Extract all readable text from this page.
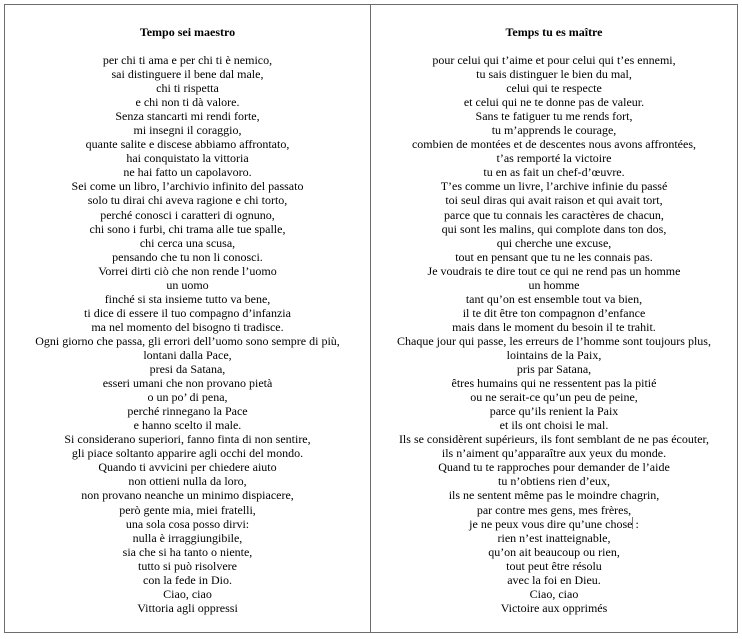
Tempo sei maestro
per chi ti ama e per chi ti è nemico,
sai distinguere il bene dal male,
chi ti rispetta
e chi non ti dà valore.
Senza stancarti mi rendi forte,
mi insegni il coraggio,
quante salite e discese abbiamo affrontato,
hai conquistato la vittoria
ne hai fatto un capolavoro.
Sei come un libro, l’archivio infinito del passato
solo tu dirai chi aveva ragione e chi torto,
perché conosci i caratteri di ognuno,
chi sono i furbi, chi trama alle tue spalle,
chi cerca una scusa,
pensando che tu non li conosci.
Vorrei dirti ciò che non rende l’uomo
un uomo
finché si sta insieme tutto va bene,
ti dice di essere il tuo compagno d’infanzia
ma nel momento del bisogno ti tradisce.
Ogni giorno che passa, gli errori dell’uomo sono sempre di più,
lontani dalla Pace,
presi da Satana,
esseri umani che non provano pietà
o un po’ di pena,
perché rinnegano la Pace
e hanno scelto il male.
Si considerano superiori, fanno finta di non sentire,
gli piace soltanto apparire agli occhi del mondo.
Quando ti avvicini per chiedere aiuto
non ottieni nulla da loro,
non provano neanche un minimo dispiacere,
però gente mia, miei fratelli,
una sola cosa posso dirvi:
nulla è irraggiungibile,
sia che si ha tanto o niente,
tutto si può risolvere
con la fede in Dio.
Ciao, ciao
Vittoria agli oppressi
Temps tu es maître
pour celui qui t’aime et pour celui qui t’es ennemi,
tu sais distinguer le bien du mal,
celui qui te respecte
et celui qui ne te donne pas de valeur.
Sans te fatiguer tu me rends fort,
tu m’apprends le courage,
combien de montées et de descentes nous avons affrontées,
t’as remporté la victoire
tu en as fait un chef-d’œuvre.
T’es comme un livre, l’archive infinie du passé
toi seul diras qui avait raison et qui avait tort,
parce que tu connais les caractères de chacun,
qui sont les malins, qui complote dans ton dos,
qui cherche une excuse,
tout en pensant que tu ne les connais pas.
Je voudrais te dire tout ce qui ne rend pas un homme
un homme
tant qu’on est ensemble tout va bien,
il te dit être ton compagnon d’enfance
mais dans le moment du besoin il te trahit.
Chaque jour qui passe, les erreurs de l’homme sont toujours plus,
lointains de la Paix,
pris par Satana,
êtres humains qui ne ressentent pas la pitié
ou ne serait-ce qu’un peu de peine,
parce qu’ils renient la Paix
et ils ont choisi le mal.
Ils se considèrent supérieurs, ils font semblant de ne pas écouter,
ils n’aiment qu’apparaître aux yeux du monde.
Quand tu te rapproches pour demander de l’aide
tu n’obtiens rien d’eux,
ils ne sentent même pas le moindre chagrin,
par contre mes gens, mes frères,
je ne peux vous dire qu’une chose :
rien n’est inatteignable,
qu’on ait beaucoup ou rien,
tout peut être résolu
avec la foi en Dieu.
Ciao, ciao
Victoire aux opprimés
